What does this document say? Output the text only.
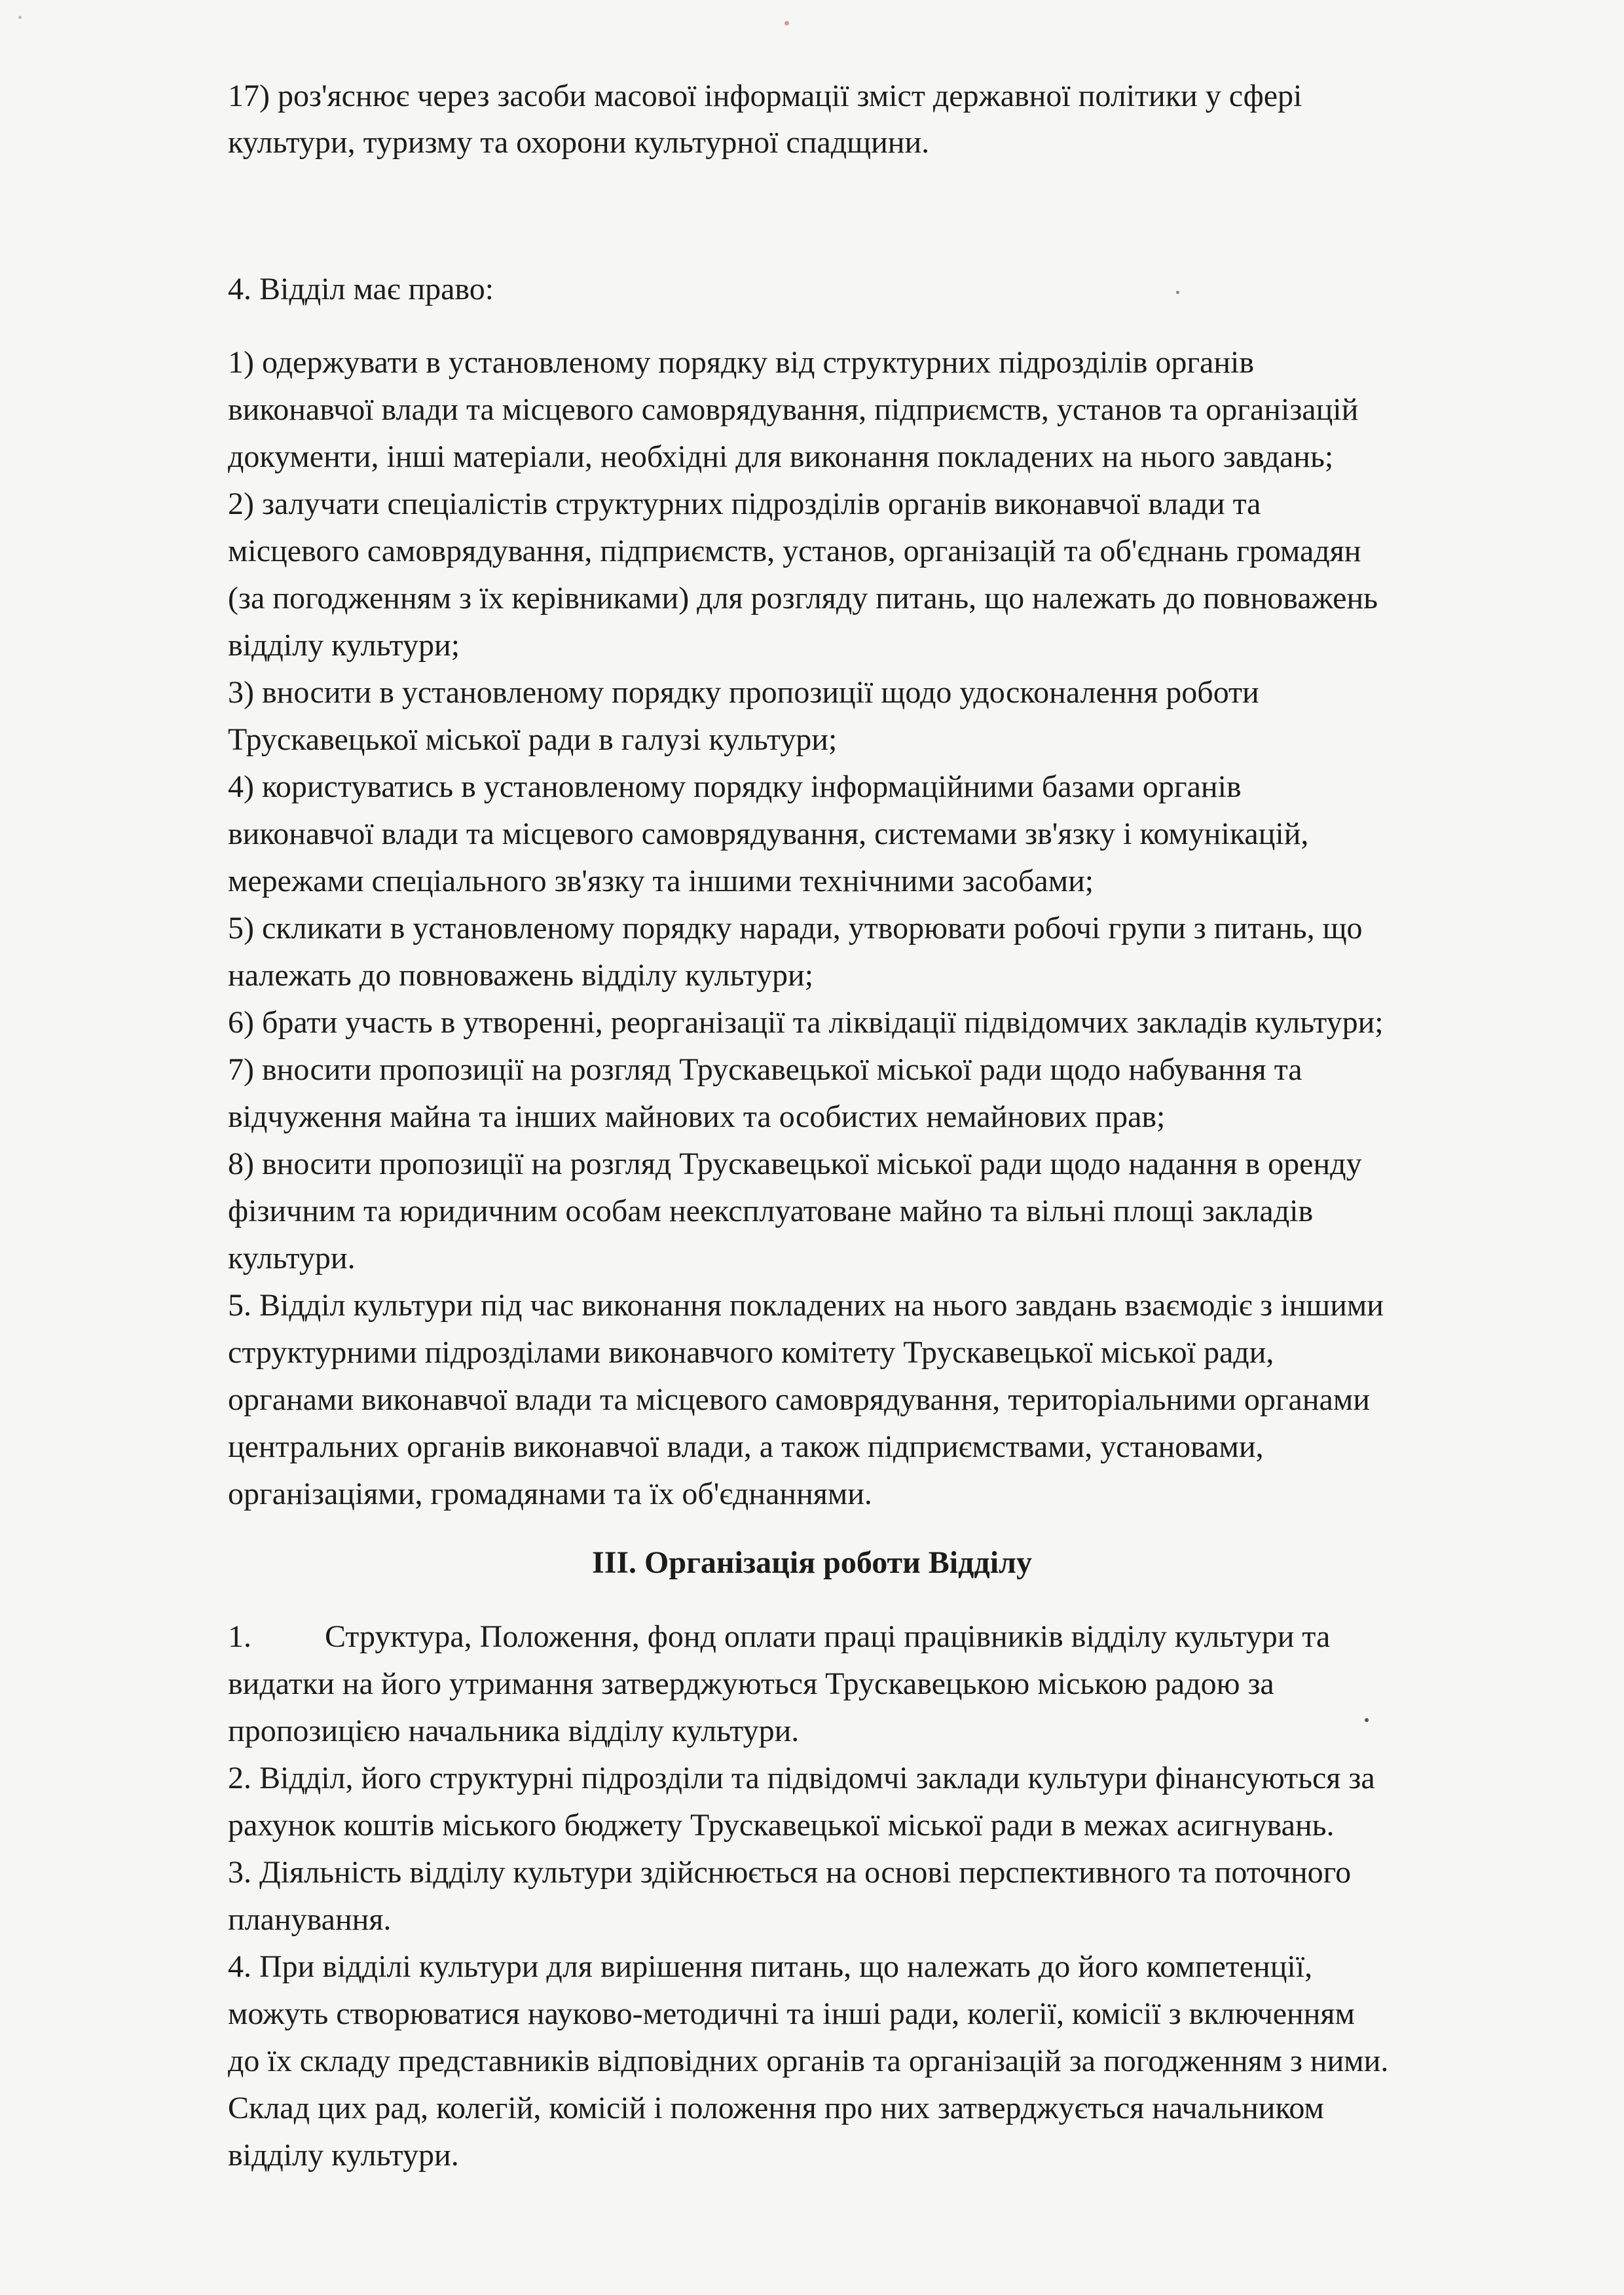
17) роз'яснює через засоби масової інформації зміст державної політики у сфері

культури, туризму та охорони культурної спадщини.

4. Відділ має право:

1) одержувати в установленому порядку від структурних підрозділів органів

виконавчої влади та місцевого самоврядування, підприємств, установ та організацій

документи, інші матеріали, необхідні для виконання покладених на нього завдань;

2) залучати спеціалістів структурних підрозділів органів виконавчої влади та

місцевого самоврядування, підприємств, установ, організацій та об'єднань громадян

(за погодженням з їх керівниками) для розгляду питань, що належать до повноважень

відділу культури;

3) вносити в установленому порядку пропозиції щодо удосконалення роботи

Трускавецької міської ради в галузі культури;

4) користуватись в установленому порядку інформаційними базами органів

виконавчої влади та місцевого самоврядування, системами зв'язку і комунікацій,

мережами спеціального зв'язку та іншими технічними засобами;

5) скликати в установленому порядку наради, утворювати робочі групи з питань, що

належать до повноважень відділу культури;

6) брати участь в утворенні, реорганізації та ліквідації підвідомчих закладів культури;

7) вносити пропозиції на розгляд Трускавецької міської ради щодо набування та

відчуження майна та інших майнових та особистих немайнових прав;

8) вносити пропозиції на розгляд Трускавецької міської ради щодо надання в оренду

фізичним та юридичним особам неексплуатоване майно та вільні площі закладів

культури.

5. Відділ культури під час виконання покладених на нього завдань взаємодіє з іншими

структурними підрозділами виконавчого комітету Трускавецької міської ради,

органами виконавчої влади та місцевого самоврядування, територіальними органами

центральних органів виконавчої влади, а також підприємствами, установами,

організаціями, громадянами та їх об'єднаннями.

ІІІ. Організація роботи Відділу

1. Структура, Положення, фонд оплати праці працівників відділу культури та

видатки на його утримання затверджуються Трускавецькою міською радою за

пропозицією начальника відділу культури.

2. Відділ, його структурні підрозділи та підвідомчі заклади культури фінансуються за

рахунок коштів міського бюджету Трускавецької міської ради в межах асигнувань.

3. Діяльність відділу культури здійснюється на основі перспективного та поточного

планування.

4. При відділі культури для вирішення питань, що належать до його компетенції,

можуть створюватися науково-методичні та інші ради, колегії, комісії з включенням

до їх складу представників відповідних органів та організацій за погодженням з ними.

Склад цих рад, колегій, комісій і положення про них затверджується начальником

відділу культури.
